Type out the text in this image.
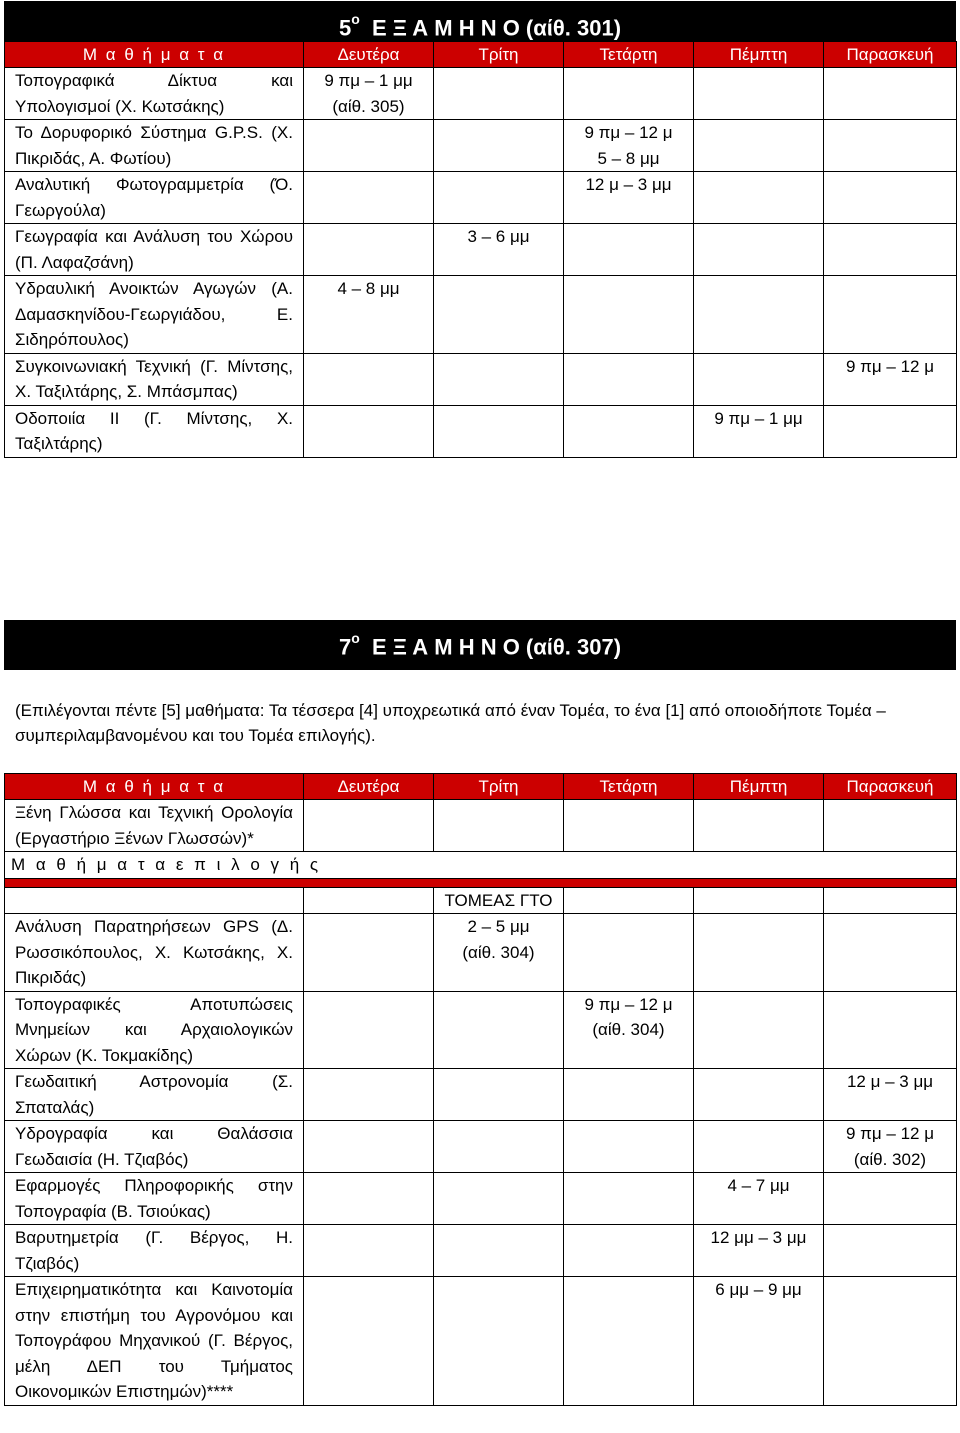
$5^o$ Ε Ξ Α Μ Η Ν Ο (αίθ. 301)
Μ α θ ή μ α τ α	Δευτέρα	Τρίτη	Τετάρτη	Πέμπτη	Παρασκευή
Τοπογραφικά Δίκτυα και Υπολογισμοί (Χ. Κωτσάκης)	9 πμ – 1 μμ
(αίθ. 305)				
Το Δορυφορικό Σύστημα G.P.S. (Χ. Πικριδάς, Α. Φωτίου)			9 πμ – 12 μ
5 – 8 μμ		
Αναλυτική Φωτογραμμετρία (Ό. Γεωργούλα)			12 μ – 3 μμ		
Γεωγραφία και Ανάλυση του Χώρου (Π. Λαφαζσάνη)		3 – 6 μμ			
Υδραυλική Ανοικτών Αγωγών (Α. Δαμασκηνίδου-Γεωργιάδου, Ε. Σιδηρόπουλος)	4 – 8 μμ				
Συγκοινωνιακή Τεχνική (Γ. Μίντσης, Χ. Ταξιλτάρης, Σ. Μπάσμπας)					9 πμ – 12 μ
Οδοποιία ΙΙ (Γ. Μίντσης, Χ. Ταξιλτάρης)				9 πμ – 1 μμ	
$7^o$ Ε Ξ Α Μ Η Ν Ο (αίθ. 307)
(Επιλέγονται πέντε [5] μαθήματα: Τα τέσσερα [4] υποχρεωτικά από έναν Τομέα, το ένα [1] από οποιοδήποτε Τομέα – συμπεριλαμβανομένου και του Τομέα επιλογής).
Μ α θ ή μ α τ α	Δευτέρα	Τρίτη	Τετάρτη	Πέμπτη	Παρασκευή
Ξένη Γλώσσα και Τεχνική Ορολογία (Εργαστήριο Ξένων Γλωσσών)*					
Μ α θ ή μ α τ α ε π ι λ ο γ ή ς					

		ΤΟΜΕΑΣ ΓΤΟ			
Ανάλυση Παρατηρήσεων GPS (Δ. Ρωσσικόπουλος, Χ. Κωτσάκης, Χ. Πικριδάς)		2 – 5 μμ
(αίθ. 304)			
Τοπογραφικές Αποτυπώσεις Μνημείων και Αρχαιολογικών Χώρων (Κ. Τοκμακίδης)			9 πμ – 12 μ
(αίθ. 304)		
Γεωδαιτική Αστρονομία (Σ. Σπαταλάς)					12 μ – 3 μμ
Υδρογραφία και Θαλάσσια Γεωδαισία (Η. Τζιαβός)					9 πμ – 12 μ
(αίθ. 302)
Εφαρμογές Πληροφορικής στην Τοπογραφία (Β. Τσιούκας)				4 – 7 μμ	
Βαρυτημετρία (Γ. Βέργος, Η. Τζιαβός)				12 μμ – 3 μμ	
Επιχειρηματικότητα και Καινοτομία στην επιστήμη του Αγρονόμου και Τοπογράφου Μηχανικού (Γ. Βέργος, μέλη ΔΕΠ του Τμήματος Οικονομικών Επιστημών)****				6 μμ – 9 μμ	
